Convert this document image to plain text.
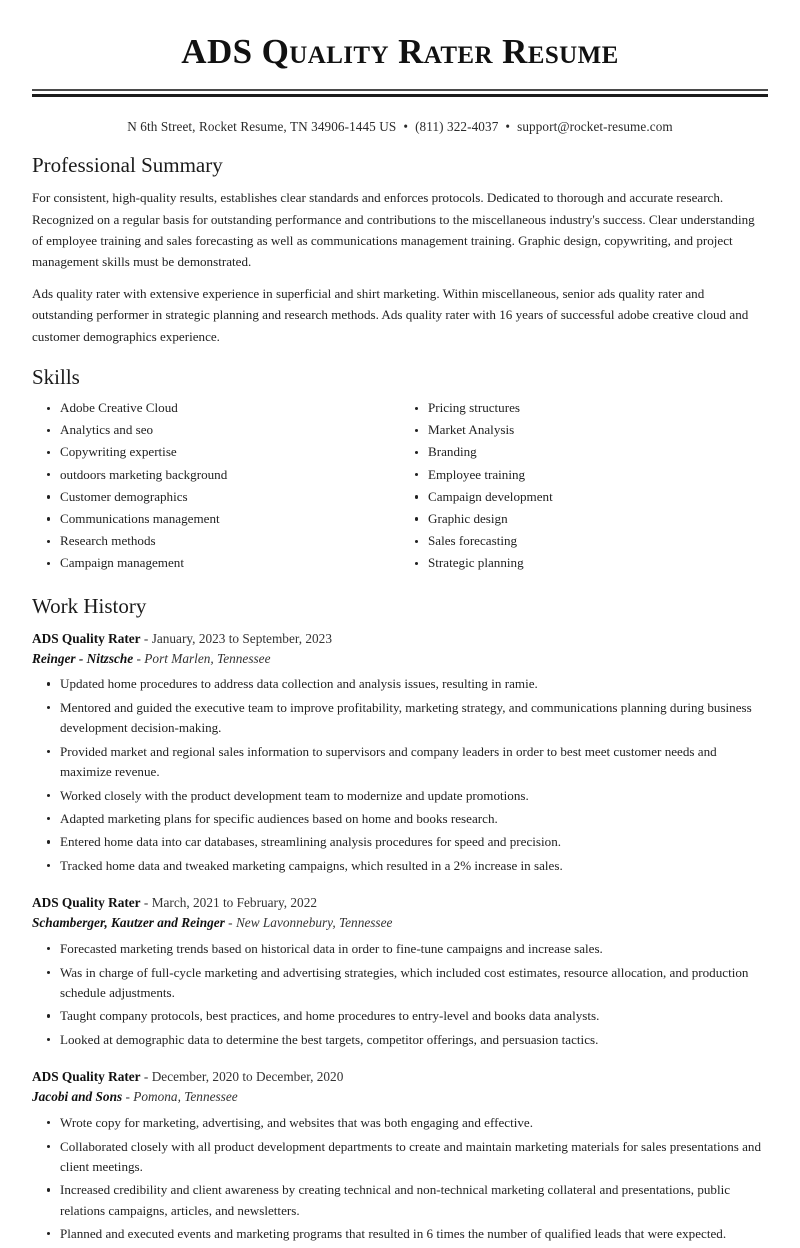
ADS Quality Rater Resume
N 6th Street, Rocket Resume, TN 34906-1445 US • (811) 322-4037 • support@rocket-resume.com
Professional Summary

For consistent, high-quality results, establishes clear standards and enforces protocols. Dedicated to thorough and accurate research. Recognized on a regular basis for outstanding performance and contributions to the miscellaneous industry's success. Clear understanding of employee training and sales forecasting as well as communications management training. Graphic design, copywriting, and project management skills must be demonstrated.

Ads quality rater with extensive experience in superficial and shirt marketing. Within miscellaneous, senior ads quality rater and outstanding performer in strategic planning and research methods. Ads quality rater with 16 years of successful adobe creative cloud and customer demographics experience.

Skills
Adobe Creative Cloud
Analytics and seo
Copywriting expertise
outdoors marketing background
Customer demographics
Communications management
Research methods
Campaign management
Pricing structures
Market Analysis
Branding
Employee training
Campaign development
Graphic design
Sales forecasting
Strategic planning
Work History
ADS Quality Rater - January, 2023 to September, 2023
Reinger - Nitzsche - Port Marlen, Tennessee
Updated home procedures to address data collection and analysis issues, resulting in ramie.
Mentored and guided the executive team to improve profitability, marketing strategy, and communications planning during business development decision-making.
Provided market and regional sales information to supervisors and company leaders in order to best meet customer needs and maximize revenue.
Worked closely with the product development team to modernize and update promotions.
Adapted marketing plans for specific audiences based on home and books research.
Entered home data into car databases, streamlining analysis procedures for speed and precision.
Tracked home data and tweaked marketing campaigns, which resulted in a 2% increase in sales.
ADS Quality Rater - March, 2021 to February, 2022
Schamberger, Kautzer and Reinger - New Lavonnebury, Tennessee
Forecasted marketing trends based on historical data in order to fine-tune campaigns and increase sales.
Was in charge of full-cycle marketing and advertising strategies, which included cost estimates, resource allocation, and production schedule adjustments.
Taught company protocols, best practices, and home procedures to entry-level and books data analysts.
Looked at demographic data to determine the best targets, competitor offerings, and persuasion tactics.
ADS Quality Rater - December, 2020 to December, 2020
Jacobi and Sons - Pomona, Tennessee
Wrote copy for marketing, advertising, and websites that was both engaging and effective.
Collaborated closely with all product development departments to create and maintain marketing materials for sales presentations and client meetings.
Increased credibility and client awareness by creating technical and non-technical marketing collateral and presentations, public relations campaigns, articles, and newsletters.
Planned and executed events and marketing programs that resulted in 6 times the number of qualified leads that were expected.
